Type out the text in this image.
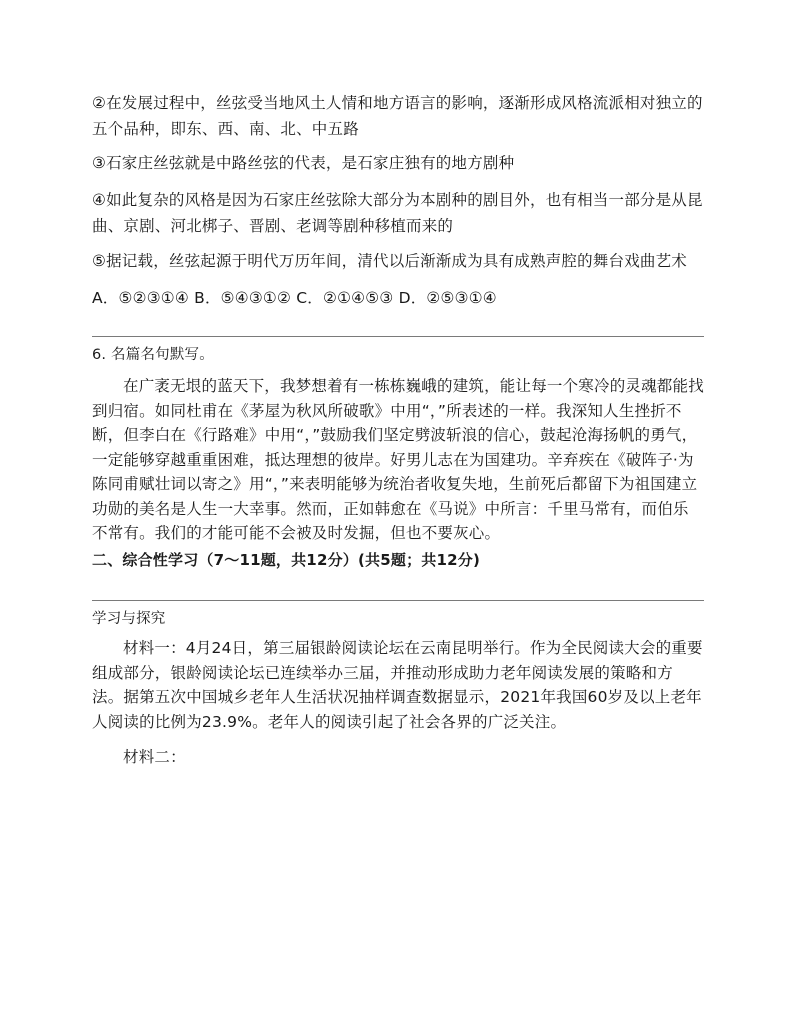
②在发展过程中，丝弦受当地风土人情和地方语言的影响，逐渐形成风格流派相对独立的五个品种，即东、西、南、北、中五路

③石家庄丝弦就是中路丝弦的代表，是石家庄独有的地方剧种

④如此复杂的风格是因为石家庄丝弦除大部分为本剧种的剧目外，也有相当一部分是从昆曲、京剧、河北梆子、晋剧、老调等剧种移植而来的

⑤据记载，丝弦起源于明代万历年间，清代以后渐渐成为具有成熟声腔的舞台戏曲艺术

A．⑤②③①④ B．⑤④③①② C．②①④⑤③ D．②⑤③①④

6. 名篇名句默写。

在广袤无垠的蓝天下，我梦想着有一栋栋巍峨的建筑，能让每一个寒冷的灵魂都能找到归宿。如同杜甫在《茅屋为秋风所破歌》中用“，”所表述的一样。我深知人生挫折不断，但李白在《行路难》中用“，”鼓励我们坚定劈波斩浪的信心，鼓起沧海扬帆的勇气，一定能够穿越重重困难，抵达理想的彼岸。好男儿志在为国建功。辛弃疾在《破阵子·为陈同甫赋壮词以寄之》用“，”来表明能够为统治者收复失地，生前死后都留下为祖国建立功勋的美名是人生一大幸事。然而，正如韩愈在《马说》中所言：千里马常有，而伯乐不常有。我们的才能可能不会被及时发掘，但也不要灰心。

二、综合性学习（7～11题，共12分）(共5题；共12分)

学习与探究

材料一：4月24日，第三届银龄阅读论坛在云南昆明举行。作为全民阅读大会的重要组成部分，银龄阅读论坛已连续举办三届，并推动形成助力老年阅读发展的策略和方法。据第五次中国城乡老年人生活状况抽样调查数据显示，2021年我国60岁及以上老年人阅读的比例为23.9%。老年人的阅读引起了社会各界的广泛关注。

材料二：
